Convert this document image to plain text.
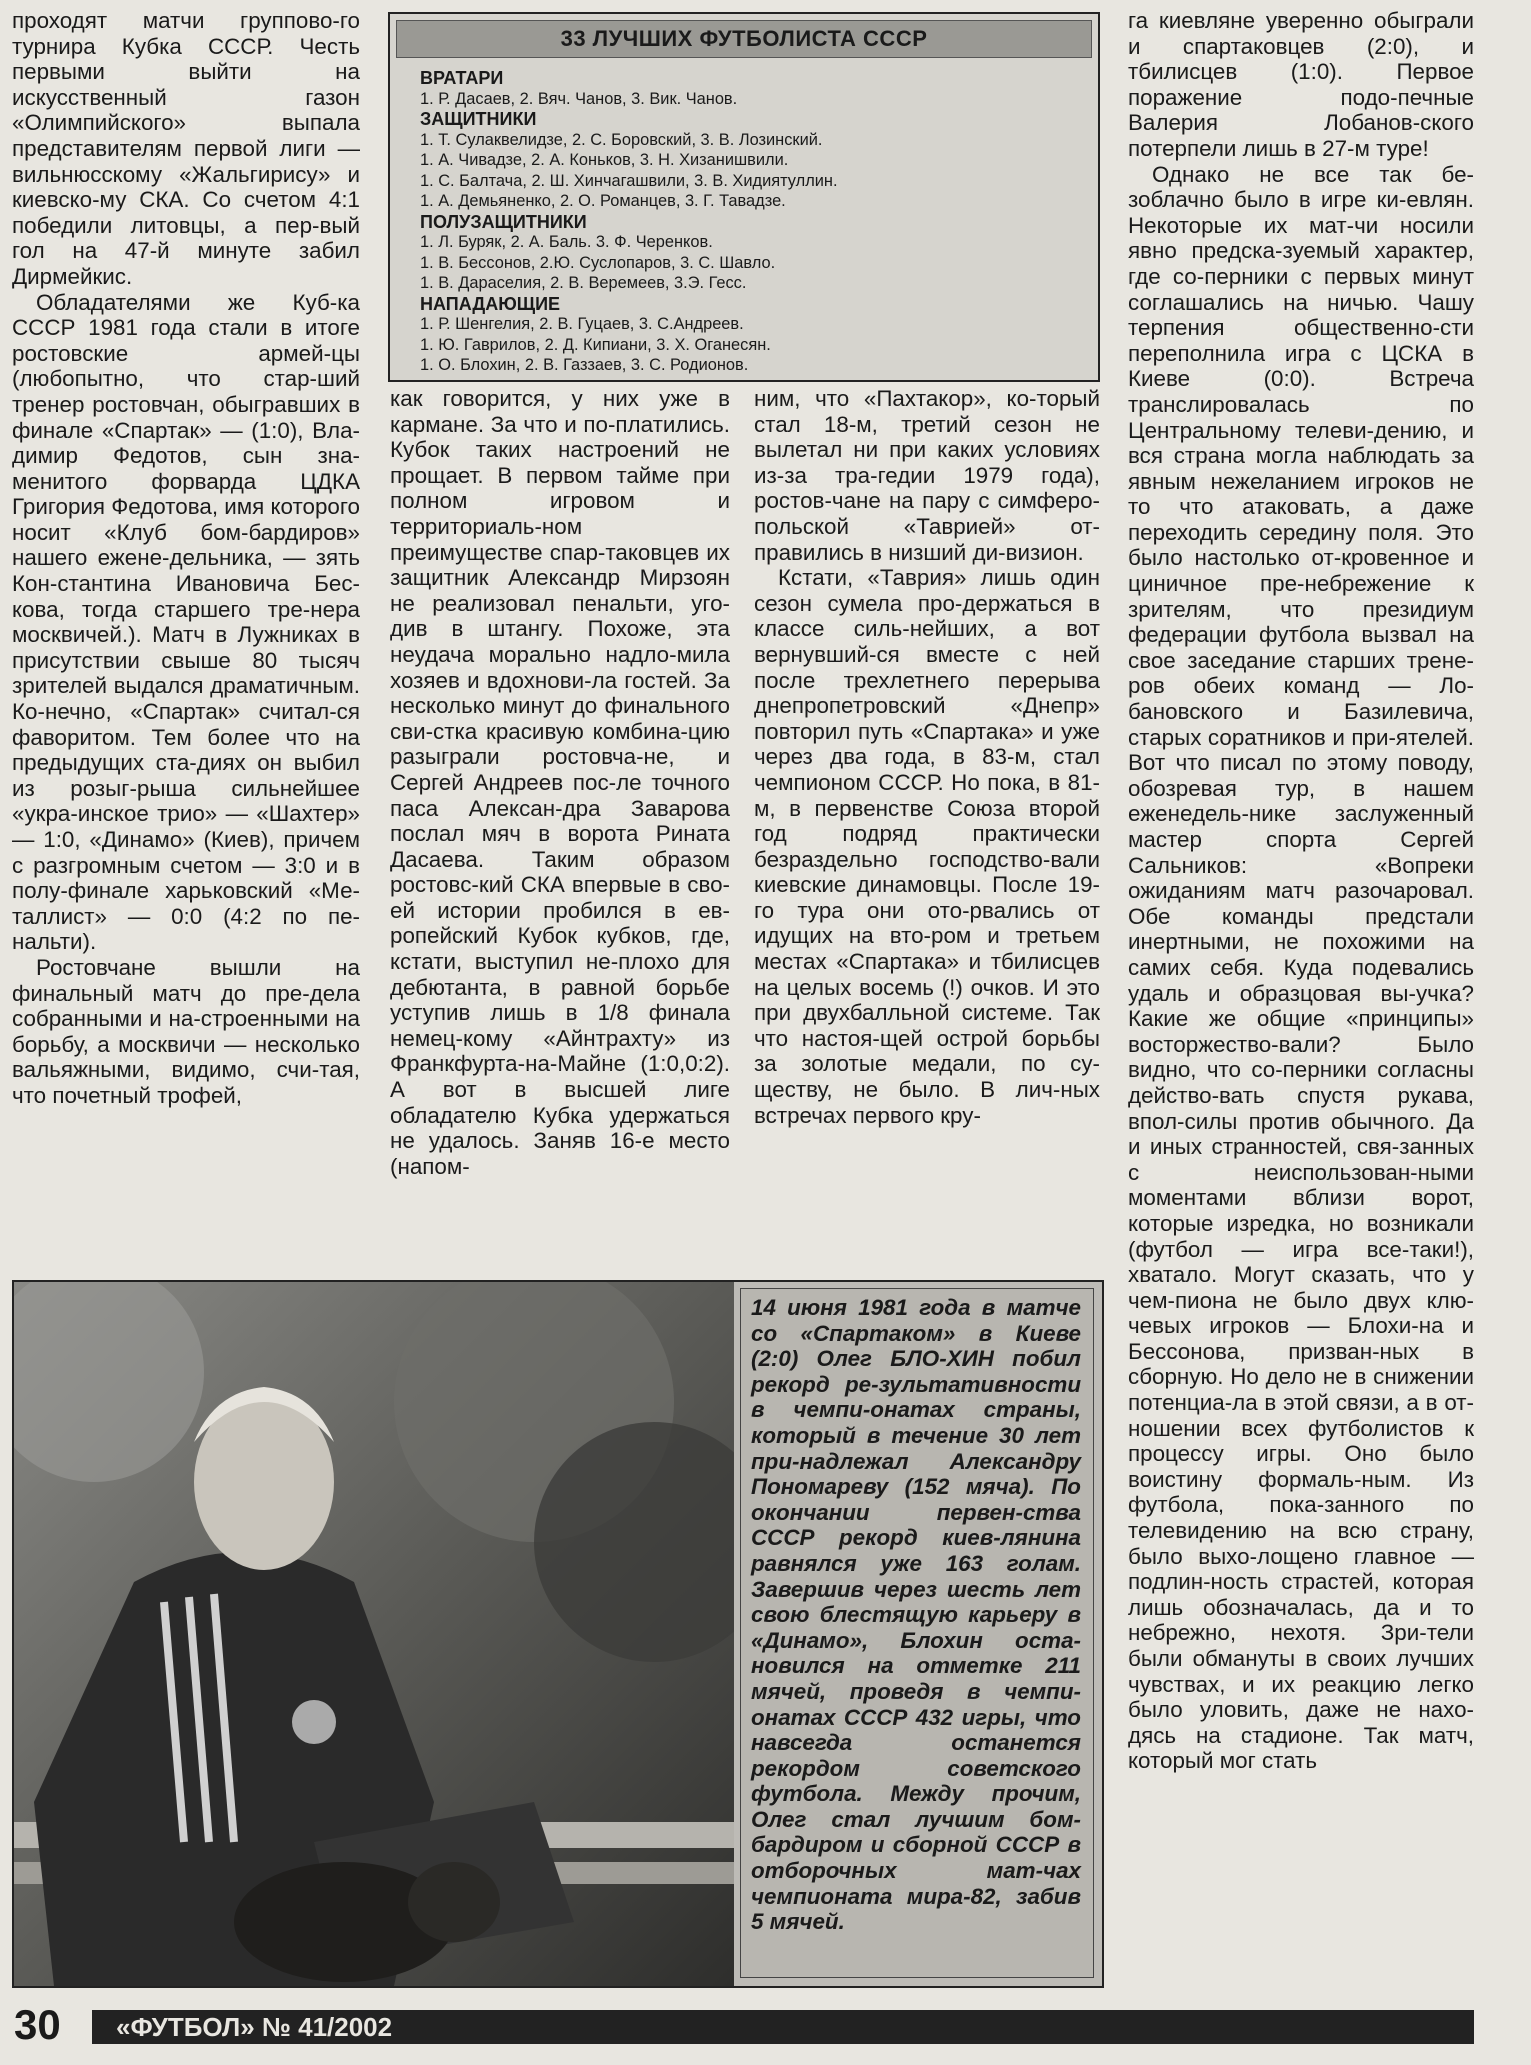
проходят матчи группово-го турнира Кубка СССР. Честь первыми выйти на искусственный газон «Олимпийского» выпала представителям первой лиги — вильнюсскому «Жальгирису» и киевско-му СКА. Со счетом 4:1 победили литовцы, а пер-вый гол на 47-й минуте забил Дирмейкис.

Обладателями же Куб-ка СССР 1981 года стали в итоге ростовские армей-цы (любопытно, что стар-ший тренер ростовчан, обыгравших в финале «Спартак» — (1:0), Вла-димир Федотов, сын зна-менитого форварда ЦДКА Григория Федотова, имя которого носит «Клуб бом-бардиров» нашего еженe-дельника, — зять Кон-стантина Ивановича Бес-кова, тогда старшего тре-нера москвичей.). Матч в Лужниках в присутствии свыше 80 тысяч зрителей выдался драматичным. Ко-нечно, «Спартак» считал-ся фаворитом. Тем более что на предыдущих ста-диях он выбил из розыг-рыша сильнейшее «укра-инское трио» — «Шахтер» — 1:0, «Динамо» (Киев), причем с разгромным счетом — 3:0 и в полу-финале харьковский «Ме-таллист» — 0:0 (4:2 по пе-нальти).

Ростовчане вышли на финальный матч до пре-дела собранными и на-строенными на борьбу, а москвичи — несколько вальяжными, видимо, счи-тая, что почетный трофей,

33 ЛУЧШИХ ФУТБОЛИСТА СССР
ВРАТАРИ
1. Р. Дасаев, 2. Вяч. Чанов, 3. Вик. Чанов.
ЗАЩИТНИКИ
1. Т. Сулаквелидзе, 2. С. Боровский, 3. В. Лозинский.
1. А. Чивадзе, 2. А. Коньков, 3. Н. Хизанишвили.
1. С. Балтача, 2. Ш. Хинчагашвили, 3. В. Хидиятуллин.
1. А. Демьяненко, 2. О. Романцев, 3. Г. Тавадзе.
ПОЛУЗАЩИТНИКИ
1. Л. Буряк, 2. А. Баль. 3. Ф. Черенков.
1. В. Бессонов, 2.Ю. Суслопаров, 3. С. Шавло.
1. В. Дараселия, 2. В. Веремеев, 3.Э. Гесс.
НАПАДАЮЩИЕ
1. Р. Шенгелия, 2. В. Гуцаев, 3. С.Андреев.
1. Ю. Гаврилов, 2. Д. Кипиани, 3. Х. Оганесян.
1. О. Блохин, 2. В. Газзаев, 3. С. Родионов.

как говорится, у них уже в кармане. За что и по-платились. Кубок таких настроений не прощает. В первом тайме при полном игровом и территориаль-ном преимуществе спар-таковцев их защитник Александр Мирзоян не реализовал пенальти, уго-див в штангу. Похоже, эта неудача морально надло-мила хозяев и вдохнови-ла гостей. За несколько минут до финального сви-стка красивую комбина-цию разыграли ростовча-не, и Сергей Андреев пос-ле точного паса Алексан-дра Заварова послал мяч в ворота Рината Дасаева. Таким образом ростовс-кий СКА впервые в сво-ей истории пробился в ев-ропейский Кубок кубков, где, кстати, выступил не-плохо для дебютанта, в равной борьбе уступив лишь в 1/8 финала немец-кому «Айнтрахту» из Франкфурта-на-Майне (1:0,0:2). А вот в высшей лиге обладателю Кубка удержаться не удалось. Заняв 16-е место (напом-

ним, что «Пахтакор», ко-торый стал 18-м, третий сезон не вылетал ни при каких условиях из-за тра-гедии 1979 года), ростов-чане на пару с симферо-польской «Таврией» от-правились в низший ди-визион.

Кстати, «Таврия» лишь один сезон сумела про-держаться в классе силь-нейших, а вот вернувший-ся вместе с ней после трехлетнего перерыва днепропетровский «Днепр» повторил путь «Спартака» и уже через два года, в 83-м, стал чемпионом СССР. Но пока, в 81-м, в первенстве Союза второй год подряд практически безраздельно господство-вали киевские динамовцы. После 19-го тура они ото-рвались от идущих на вто-ром и третьем местах «Спартака» и тбилисцев на целых восемь (!) очков. И это при двухбалльной системе. Так что настоя-щей острой борьбы за золотые медали, по су-ществу, не было. В лич-ных встречах первого кру-

га киевляне уверенно обыграли и спартаковцев (2:0), и тбилисцев (1:0). Первое поражение подо-печные Валерия Лобанов-ского потерпели лишь в 27-м туре!

Однако не все так бе-зоблачно было в игре ки-евлян. Некоторые их мат-чи носили явно предска-зуемый характер, где со-перники с первых минут соглашались на ничью. Чашу терпения общественно-сти переполнила игра с ЦСКА в Киеве (0:0). Встреча транслировалась по Центральному телеви-дению, и вся страна могла наблюдать за явным нежеланием игроков не то что атаковать, а даже переходить середину поля. Это было настолько от-кровенное и циничное пре-небрежение к зрителям, что президиум федерации футбола вызвал на свое заседание старших трене-ров обеих команд — Ло-бановского и Базилевича, старых соратников и при-ятелей. Вот что писал по этому поводу, обозревая тур, в нашем еженедель-нике заслуженный мастер спорта Сергей Сальников: «Вопреки ожиданиям матч разочаровал. Обе команды предстали инертными, не похожими на самих себя. Куда подевались удаль и образцовая вы-учка? Какие же общие «принципы» восторжество-вали? Было видно, что со-перники согласны действо-вать спустя рукава, впол-силы против обычного. Да и иных странностей, свя-занных с неиспользован-ными моментами вблизи ворот, которые изредка, но возникали (футбол — игра все-таки!), хватало. Могут сказать, что у чем-пиона не было двух клю-чевых игроков — Блохи-на и Бессонова, призван-ных в сборную. Но дело не в снижении потенциа-ла в этой связи, а в от-ношении всех футболистов к процессу игры. Оно было воистину формаль-ным. Из футбола, пока-занного по телевидению на всю страну, было выхо-лощено главное — подлин-ность страстей, которая лишь обозначалась, да и то небрежно, нехотя. Зри-тели были обмануты в своих лучших чувствах, и их реакцию легко было уловить, даже не нахо-дясь на стадионе. Так матч, который мог стать

14 июня 1981 года в матче со «Спартаком» в Киеве (2:0) Олег БЛО-ХИН побил рекорд ре-зультативности в чемпи-онатах страны, который в течение 30 лет при-надлежал Александру Пономареву (152 мяча). По окончании первен-ства СССР рекорд киев-лянина равнялся уже 163 голам. Завершив через шесть лет свою блестящую карьеру в «Динамо», Блохин оста-новился на отметке 211 мячей, проведя в чемпи-онатах СССР 432 игры, что навсегда останется рекордом советского футбола. Между прочим, Олег стал лучшим бом-бардиром и сборной СССР в отборочных мат-чах чемпионата мира-82, забив 5 мячей.
30	«ФУТБОЛ» № 41/2002
